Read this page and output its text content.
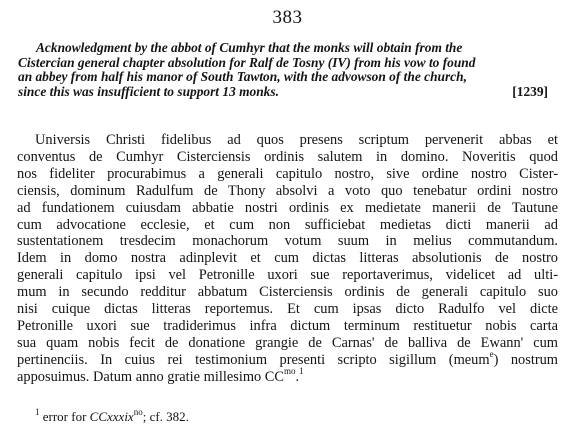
383
Acknowledgment by the abbot of Cumhyr that the monks will obtain from the
Cistercian general chapter absolution for Ralf de Tosny (IV) from his vow to found
an abbey from half his manor of South Tawton, with the advowson of the church,
since this was insufficient to support 13 monks.	[1239]
Universis Christi fidelibus ad quos presens scriptum pervenerit abbas et
conventus de Cumhyr Cisterciensis ordinis salutem in domino. Noveritis quod
nos fideliter procurabimus a generali capitulo nostro, sive ordine nostro Cister-
ciensis, dominum Radulfum de Thony absolvi a voto quo tenebatur ordini nostro
ad fundationem cuiusdam abbatie nostri ordinis ex medietate manerii de Tautune
cum advocatione ecclesie, et cum non sufficiebat medietas dicti manerii ad
sustentationem tresdecim monachorum votum suum in melius commutandum.
Idem in domo nostra adinplevit et cum dictas litteras absolutionis de nostro
generali capitulo ipsi vel Petronille uxori sue reportaverimus, videlicet ad ulti-
mum in secundo redditur abbatum Cisterciensis ordinis de generali capitulo suo
nisi cuique dictas litteras reportemus. Et cum ipsas dicto Radulfo vel dicte
Petronille uxori sue tradiderimus infra dictum terminum restituetur nobis carta
sua quam nobis fecit de donatione grangie de Carnas' de balliva de Ewann' cum
pertinenciis. In cuius rei testimonium presenti scripto sigillum (meum$^e$) nostrum
apposuimus. Datum anno gratie millesimo $CC^{mo}.^1$
$^1$ error for CCxxxix$^{no}$; cf. 382.
